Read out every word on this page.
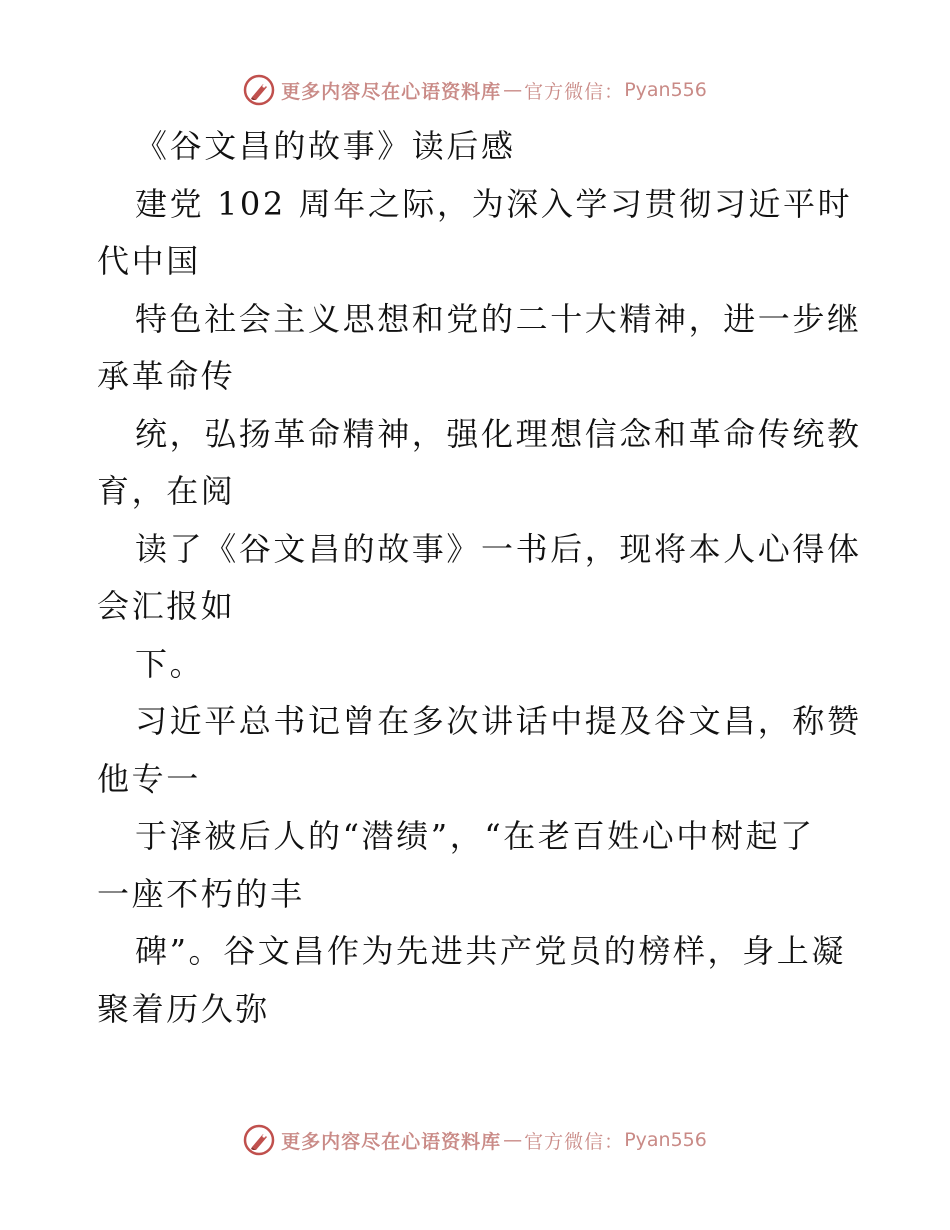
更多内容尽在心语资料库 — 官方微信： Pyan556
《谷文昌的故事》读后感
建党 102 周年之际，为深入学习贯彻习近平时
代中国
特色社会主义思想和党的二十大精神，进一步继
承革命传
统，弘扬革命精神，强化理想信念和革命传统教
育，在阅
读了《谷文昌的故事》一书后，现将本人心得体
会汇报如
下。
习近平总书记曾在多次讲话中提及谷文昌，称赞
他专一
于泽被后人的“潜绩”，“在老百姓心中树起了
一座不朽的丰
碑”。谷文昌作为先进共产党员的榜样，身上凝
聚着历久弥
更多内容尽在心语资料库 — 官方微信： Pyan556
